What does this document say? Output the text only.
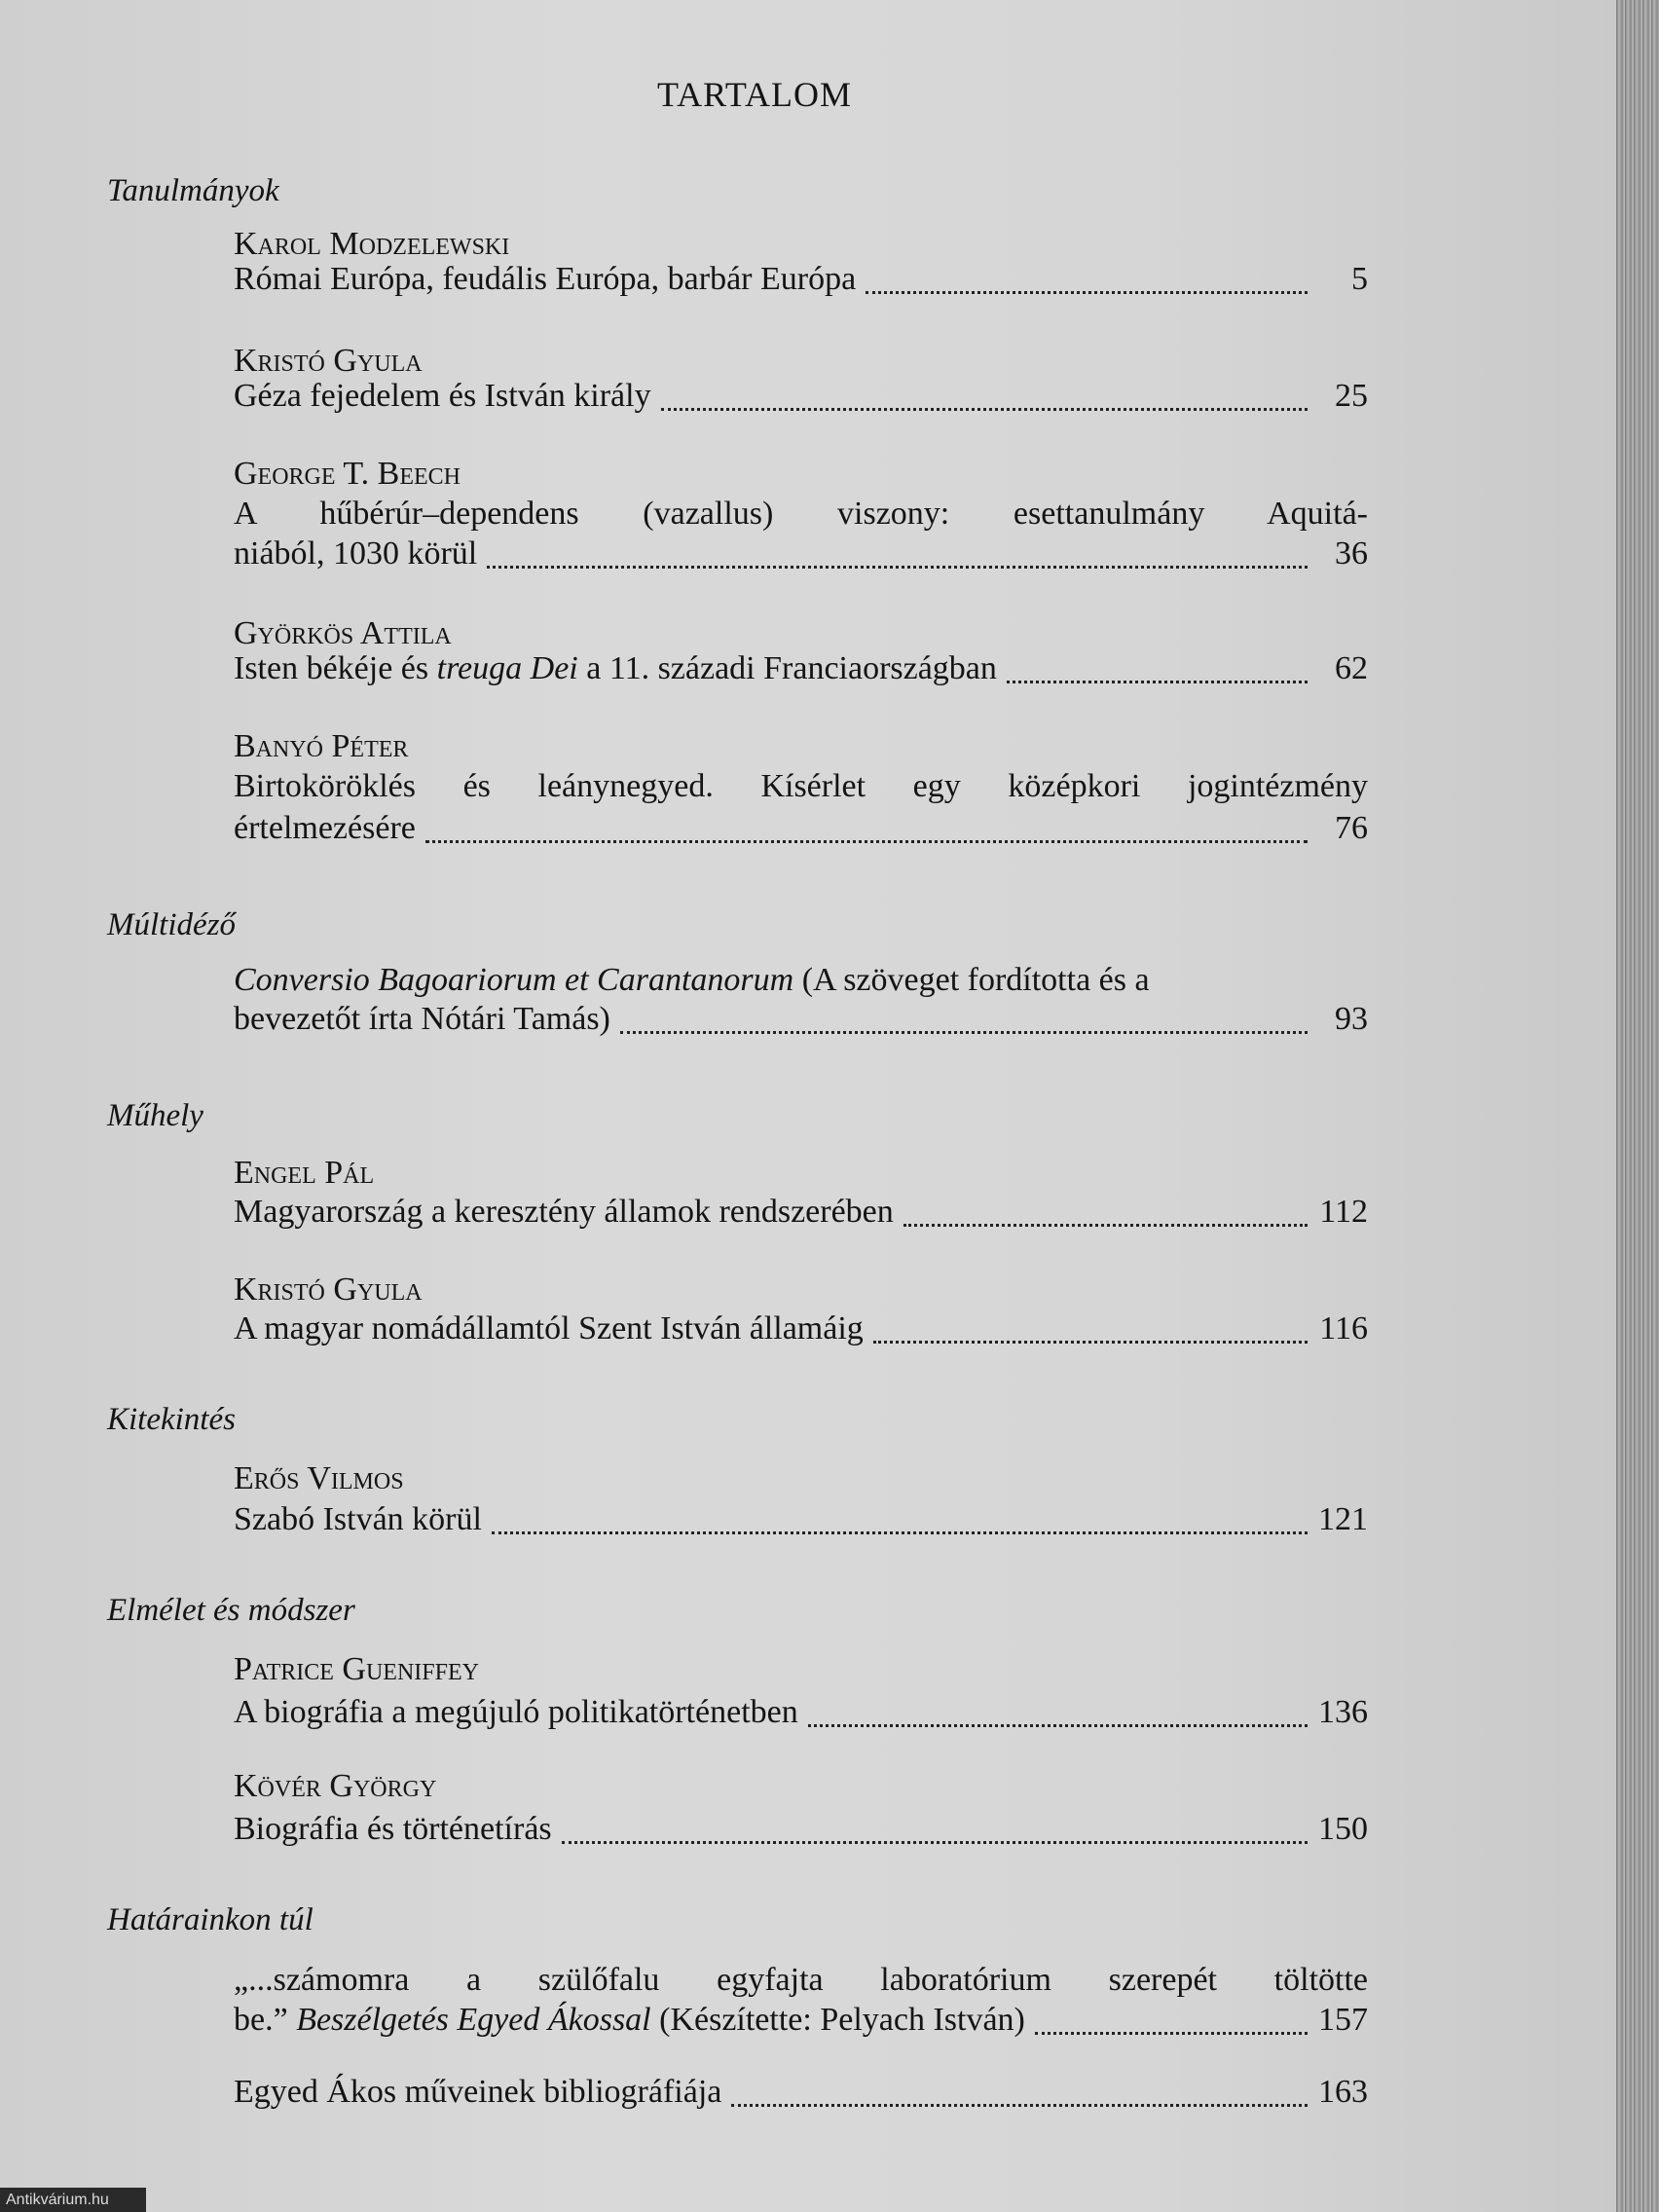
TARTALOM
Tanulmányok
Karol Modzelewski
Római Európa, feudális Európa, barbár Európa	5
Kristó Gyula
Géza fejedelem és István király	25
George T. Beech
A hűbérúr–dependens (vazallus) viszony: esettanulmány Aquitá-
niából, 1030 körül	36
Györkös Attila
Isten békéje és treuga Dei a 11. századi Franciaországban	62
Banyó Péter
Birtoköröklés és leánynegyed. Kísérlet egy középkori jogintézmény
értelmezésére	76
Múltidéző
Conversio Bagoariorum et Carantanorum (A szöveget fordította és a
bevezetőt írta Nótári Tamás)	93
Műhely
Engel Pál
Magyarország a keresztény államok rendszerében	112
Kristó Gyula
A magyar nomádállamtól Szent István államáig	116
Kitekintés
Erős Vilmos
Szabó István körül	121
Elmélet és módszer
Patrice Gueniffey
A biográfia a megújuló politikatörténetben	136
Kövér György
Biográfia és történetírás	150
Határainkon túl
„...számomra a szülőfalu egyfajta laboratórium szerepét töltötte
be.” Beszélgetés Egyed Ákossal (Készítette: Pelyach István)	157
Egyed Ákos műveinek bibliográfiája	163
Antikvárium.hu
